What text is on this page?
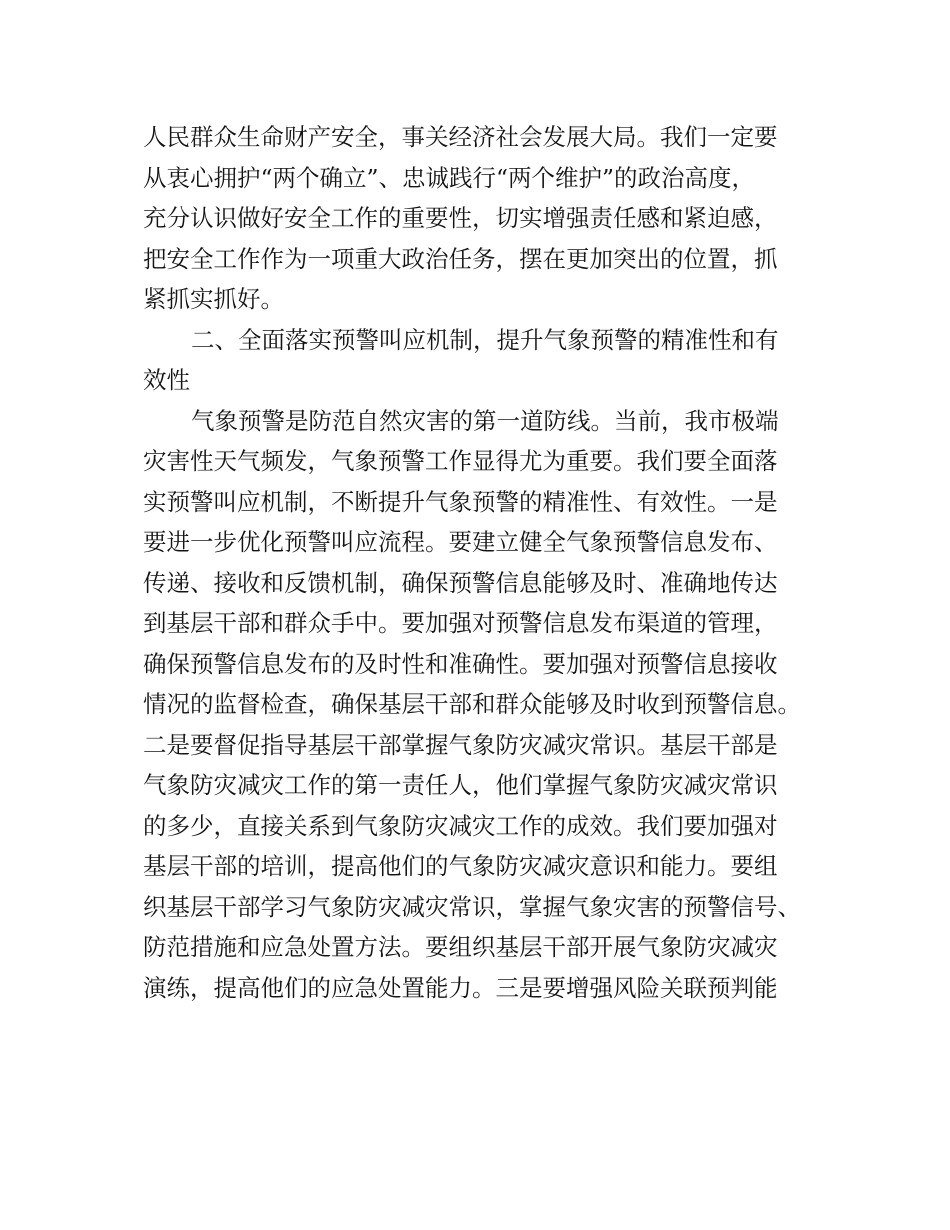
人民群众生命财产安全，事关经济社会发展大局。我们一定要
从衷心拥护“两个确立”、忠诚践行“两个维护”的政治高度，
充分认识做好安全工作的重要性，切实增强责任感和紧迫感，
把安全工作作为一项重大政治任务，摆在更加突出的位置，抓
紧抓实抓好。
二、全面落实预警叫应机制，提升气象预警的精准性和有
效性
气象预警是防范自然灾害的第一道防线。当前，我市极端
灾害性天气频发，气象预警工作显得尤为重要。我们要全面落
实预警叫应机制，不断提升气象预警的精准性、有效性。一是
要进一步优化预警叫应流程。要建立健全气象预警信息发布、
传递、接收和反馈机制，确保预警信息能够及时、准确地传达
到基层干部和群众手中。要加强对预警信息发布渠道的管理，
确保预警信息发布的及时性和准确性。要加强对预警信息接收
情况的监督检查，确保基层干部和群众能够及时收到预警信息。
二是要督促指导基层干部掌握气象防灾减灾常识。基层干部是
气象防灾减灾工作的第一责任人，他们掌握气象防灾减灾常识
的多少，直接关系到气象防灾减灾工作的成效。我们要加强对
基层干部的培训，提高他们的气象防灾减灾意识和能力。要组
织基层干部学习气象防灾减灾常识，掌握气象灾害的预警信号、
防范措施和应急处置方法。要组织基层干部开展气象防灾减灾
演练，提高他们的应急处置能力。三是要增强风险关联预判能
